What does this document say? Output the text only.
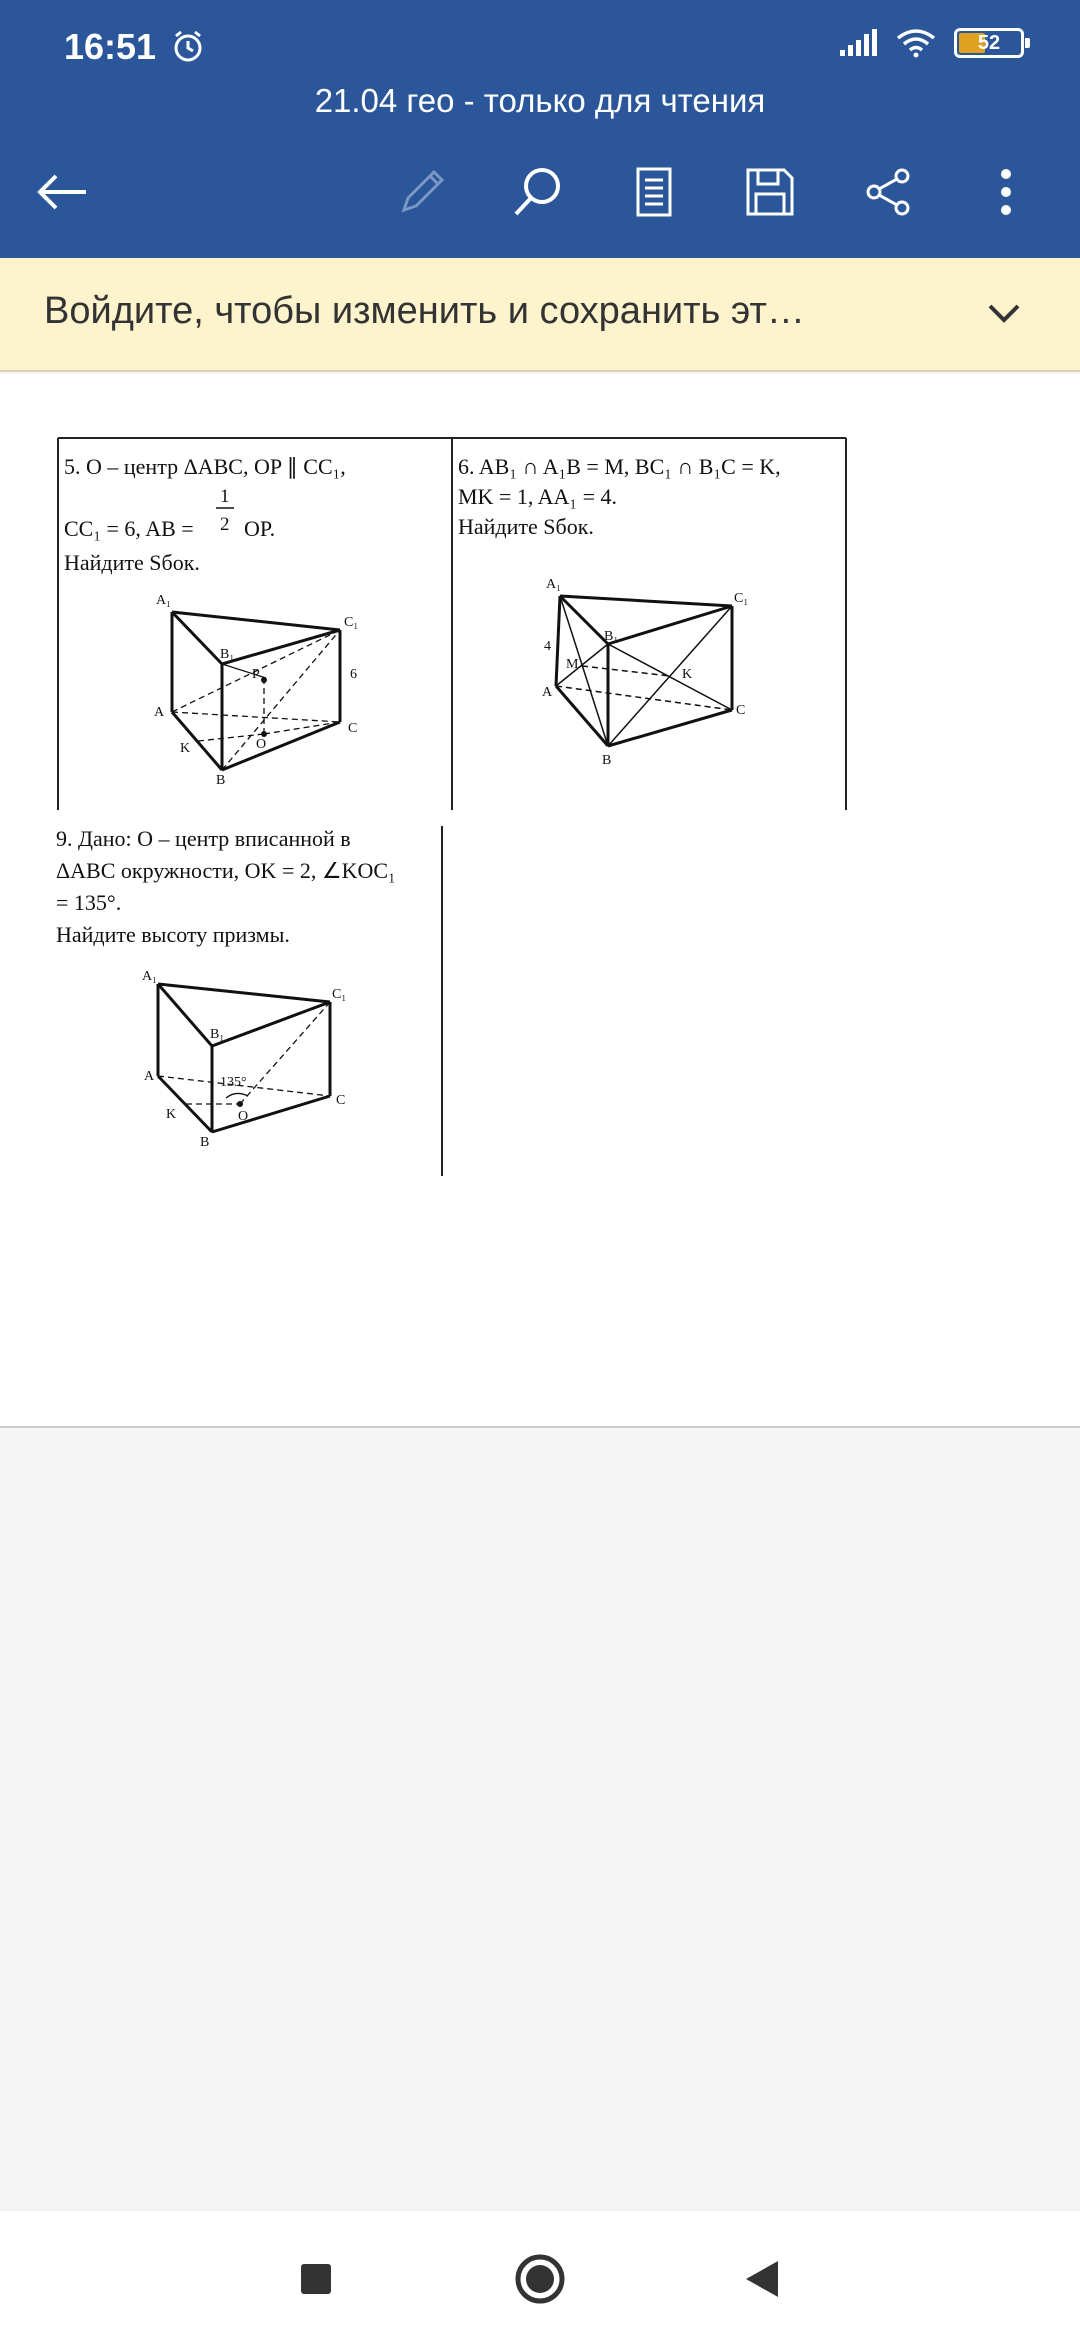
16:51	52
21.04 гео - только для чтения
Войдите, чтобы изменить и сохранить эт…
5. O – центр ΔABC, OP ∥ CC₁,
CC₁ = 6, AB =
1
2 OP.
Найдите Sбок.
A₁
C₁
B₁
P	6
A
C
K	O
B
6. AB₁ ∩ A₁B = M, BC₁ ∩ B₁C = K,
MK = 1, AA₁ = 4.
Найдите Sбок.
A₁
C₁
B₁
4
M
K
A
C
B
9. Дано: O – центр вписанной в
ΔABC окружности, OK = 2, ∠KOC₁
= 135°.
Найдите высоту призмы.
A₁
C₁
B₁
135°
A
C
K	O
B
